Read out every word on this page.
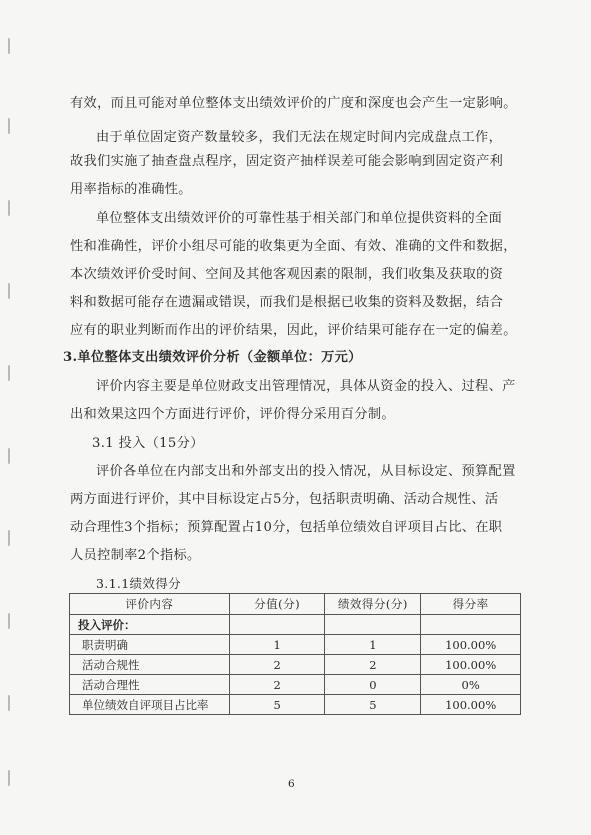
有效，而且可能对单位整体支出绩效评价的广度和深度也会产生一定影响。
由于单位固定资产数量较多，我们无法在规定时间内完成盘点工作，
故我们实施了抽查盘点程序，固定资产抽样误差可能会影响到固定资产利
用率指标的准确性。
单位整体支出绩效评价的可靠性基于相关部门和单位提供资料的全面
性和准确性，评价小组尽可能的收集更为全面、有效、准确的文件和数据，
本次绩效评价受时间、空间及其他客观因素的限制，我们收集及获取的资
料和数据可能存在遗漏或错误，而我们是根据已收集的资料及数据，结合
应有的职业判断而作出的评价结果，因此，评价结果可能存在一定的偏差。
3.单位整体支出绩效评价分析（金额单位：万元）
评价内容主要是单位财政支出管理情况，具体从资金的投入、过程、产
出和效果这四个方面进行评价，评价得分采用百分制。
3.1 投入（15分）
评价各单位在内部支出和外部支出的投入情况，从目标设定、预算配置
两方面进行评价，其中目标设定占5分，包括职责明确、活动合规性、活
动合理性3个指标；预算配置占10分，包括单位绩效自评项目占比、在职
人员控制率2个指标。
3.1.1绩效得分
评价内容	分值(分)	绩效得分(分)	得分率
投入评价：			
职责明确	1	1	100.00%
活动合规性	2	2	100.00%
活动合理性	2	0	0%
单位绩效自评项目占比率	5	5	100.00%
6
